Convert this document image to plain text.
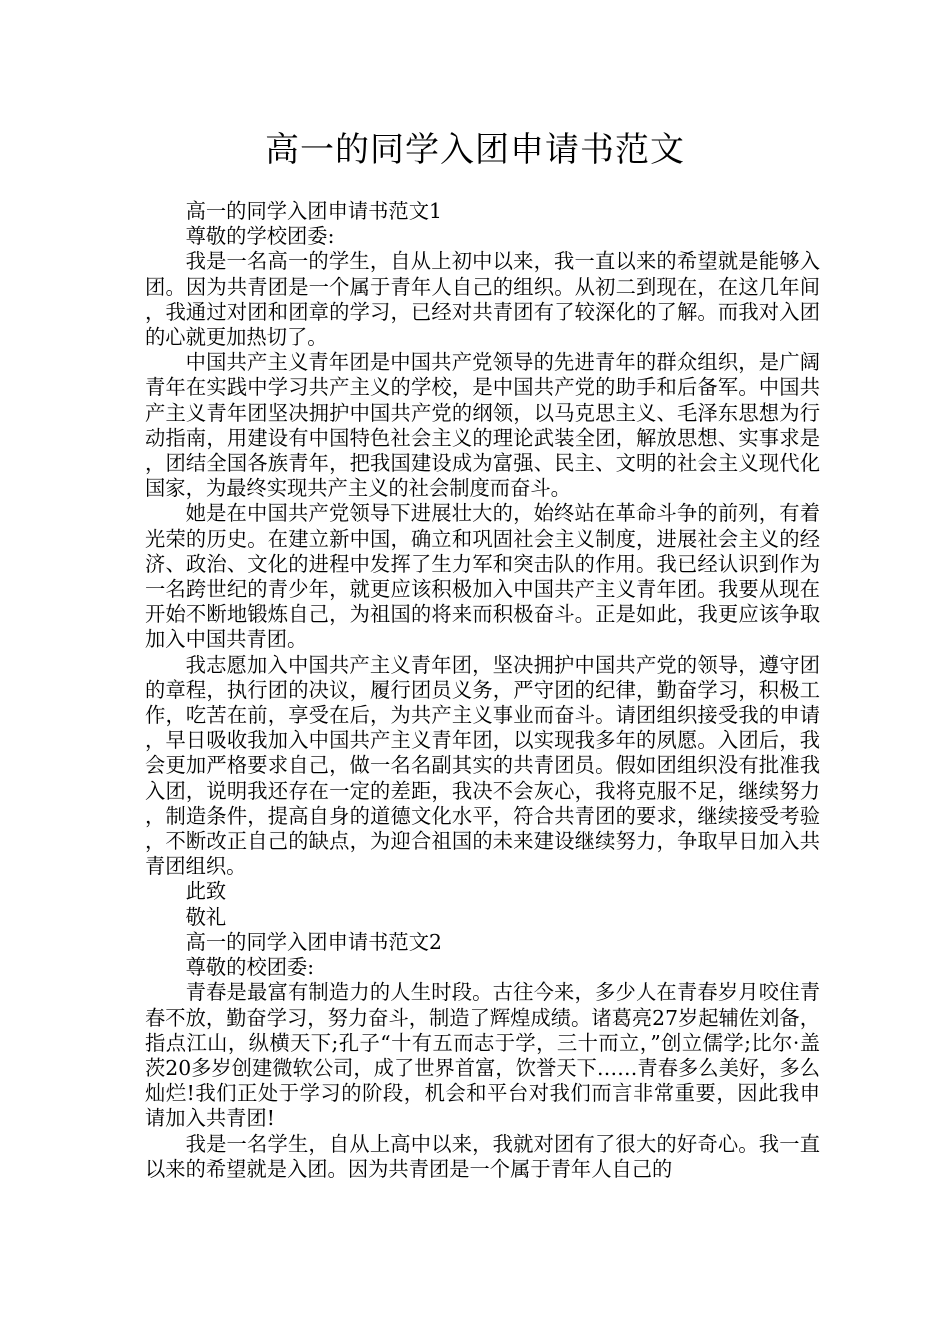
高一的同学入团申请书范文

高一的同学入团申请书范文1

尊敬的学校团委:

我是一名高一的学生，自从上初中以来，我一直以来的希望就是能够入团。因为共青团是一个属于青年人自己的组织。从初二到现在，在这几年间，我通过对团和团章的学习，已经对共青团有了较深化的了解。而我对入团的心就更加热切了。

中国共产主义青年团是中国共产党领导的先进青年的群众组织，是广阔青年在实践中学习共产主义的学校，是中国共产党的助手和后备军。中国共产主义青年团坚决拥护中国共产党的纲领，以马克思主义、毛泽东思想为行动指南，用建设有中国特色社会主义的理论武装全团，解放思想、实事求是，团结全国各族青年，把我国建设成为富强、民主、文明的社会主义现代化国家，为最终实现共产主义的社会制度而奋斗。

她是在中国共产党领导下进展壮大的，始终站在革命斗争的前列，有着光荣的历史。在建立新中国，确立和巩固社会主义制度，进展社会主义的经济、政治、文化的进程中发挥了生力军和突击队的作用。我已经认识到作为一名跨世纪的青少年，就更应该积极加入中国共产主义青年团。我要从现在开始不断地锻炼自己，为祖国的将来而积极奋斗。正是如此，我更应该争取加入中国共青团。

我志愿加入中国共产主义青年团，坚决拥护中国共产党的领导，遵守团的章程，执行团的决议，履行团员义务，严守团的纪律，勤奋学习，积极工作，吃苦在前，享受在后，为共产主义事业而奋斗。请团组织接受我的申请，早日吸收我加入中国共产主义青年团，以实现我多年的夙愿。入团后，我会更加严格要求自己，做一名名副其实的共青团员。假如团组织没有批准我入团，说明我还存在一定的差距，我决不会灰心，我将克服不足，继续努力，制造条件，提高自身的道德文化水平，符合共青团的要求，继续接受考验，不断改正自己的缺点，为迎合祖国的未来建设继续努力，争取早日加入共青团组织。

此致

敬礼

高一的同学入团申请书范文2

尊敬的校团委:

青春是最富有制造力的人生时段。古往今来，多少人在青春岁月咬住青春不放，勤奋学习，努力奋斗，制造了辉煌成绩。诸葛亮27岁起辅佐刘备，指点江山，纵横天下;孔子“十有五而志于学，三十而立，”创立儒学;比尔·盖茨20多岁创建微软公司，成了世界首富，饮誉天下……青春多么美好，多么灿烂!我们正处于学习的阶段，机会和平台对我们而言非常重要，因此我申请加入共青团!

我是一名学生，自从上高中以来，我就对团有了很大的好奇心。我一直以来的希望就是入团。因为共青团是一个属于青年人自己的
